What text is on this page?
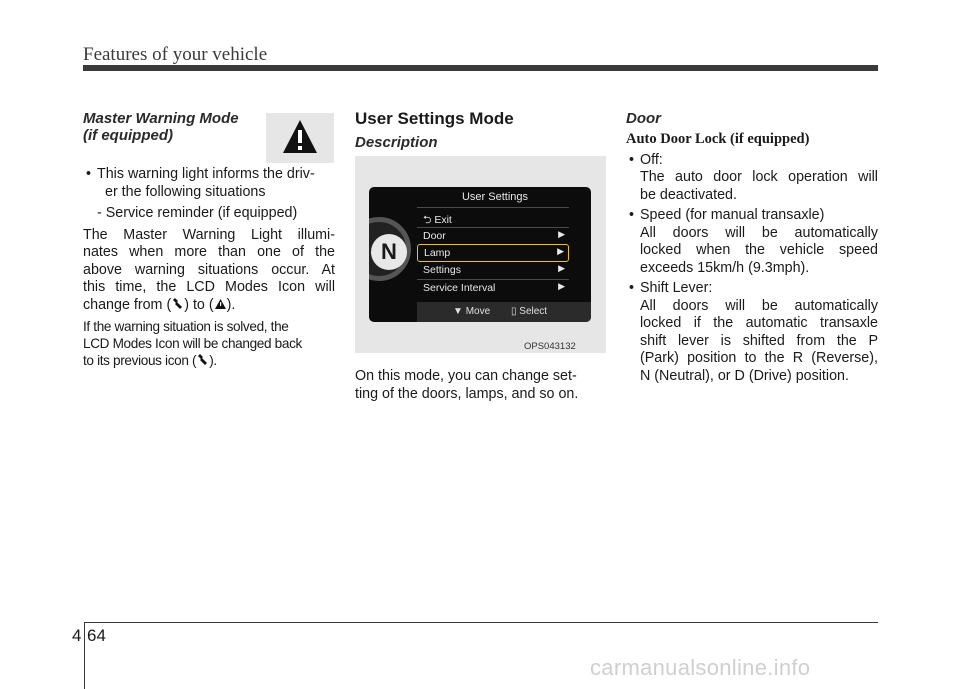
Features of your vehicle
Master Warning Mode
(if equipped)
• This warning light informs the driv-
er the following situations
- Service reminder (if equipped)
The Master Warning Light illumi-
nates when more than one of the
above warning situations occur. At
this time, the LCD Modes Icon will
change from ( ) to ( ).
If the warning situation is solved, the
LCD Modes Icon will be changed back
to its previous icon ( ).
User Settings Mode
Description
N
User Settings
⮌ Exit
Door	▶
Lamp	▶
Settings	▶
Service Interval	▶
▼ Move ▯ Select
OPS043132
On this mode, you can change set-
ting of the doors, lamps, and so on.
Door
Auto Door Lock (if equipped)
• Off:
The auto door lock operation will
be deactivated.
• Speed (for manual transaxle)
All doors will be automatically
locked when the vehicle speed
exceeds 15km/h (9.3mph).
• Shift Lever:
All doors will be automatically
locked if the automatic transaxle
shift lever is shifted from the P
(Park) position to the R (Reverse),
N (Neutral), or D (Drive) position.
4 64
carmanualsonline.info
